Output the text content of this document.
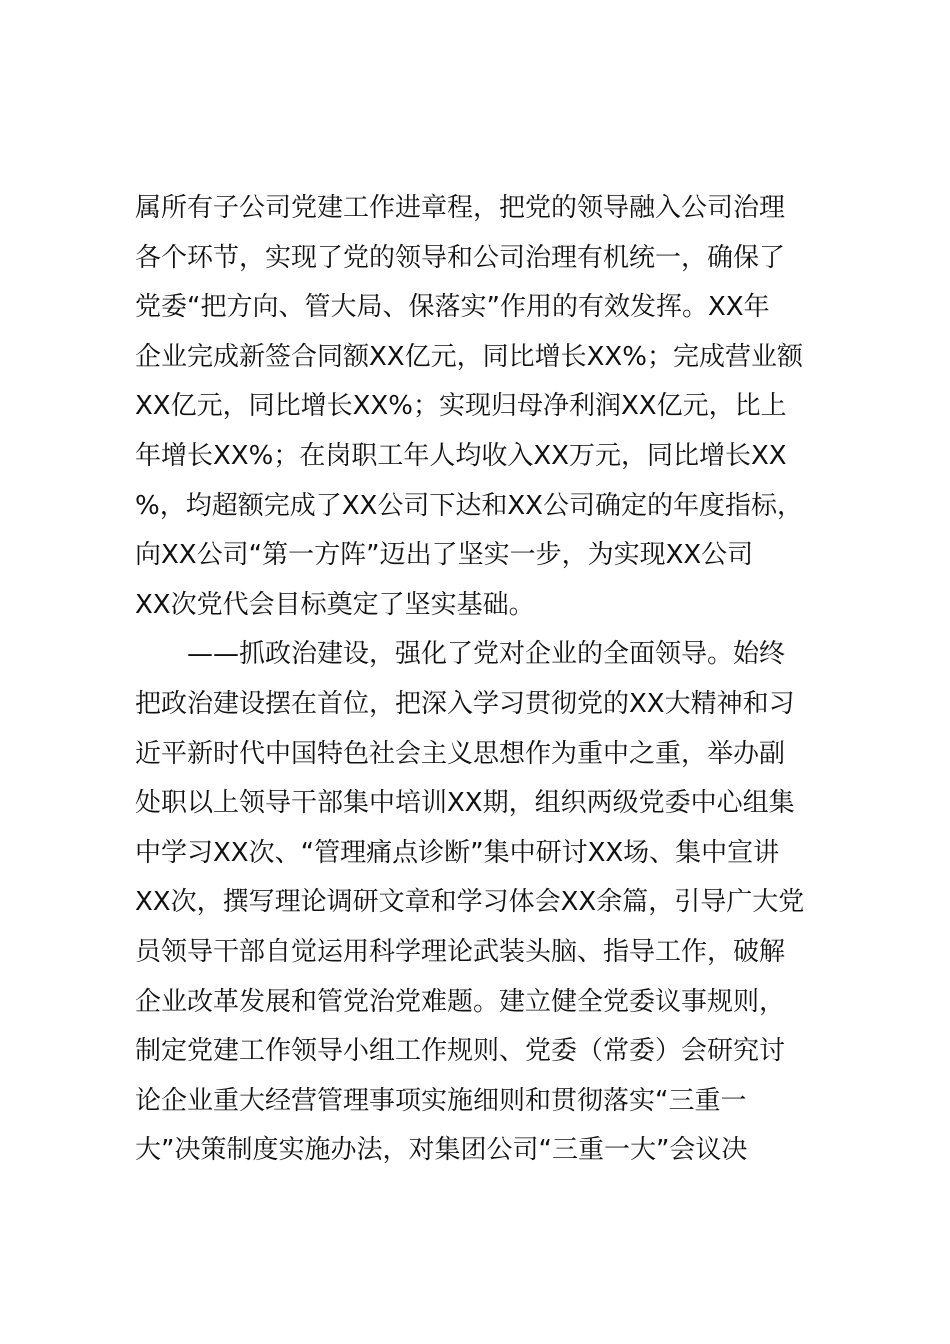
属所有子公司党建工作进章程，把党的领导融入公司治理
各个环节，实现了党的领导和公司治理有机统一，确保了
党委“把方向、管大局、保落实”作用的有效发挥。XX年
企业完成新签合同额XX亿元，同比增长XX%；完成营业额
XX亿元，同比增长XX%；实现归母净利润XX亿元，比上
年增长XX%；在岗职工年人均收入XX万元，同比增长XX
%，均超额完成了XX公司下达和XX公司确定的年度指标，
向XX公司“第一方阵”迈出了坚实一步，为实现XX公司
XX次党代会目标奠定了坚实基础。
——抓政治建设，强化了党对企业的全面领导。始终
把政治建设摆在首位，把深入学习贯彻党的XX大精神和习
近平新时代中国特色社会主义思想作为重中之重，举办副
处职以上领导干部集中培训XX期，组织两级党委中心组集
中学习XX次、“管理痛点诊断”集中研讨XX场、集中宣讲
XX次，撰写理论调研文章和学习体会XX余篇，引导广大党
员领导干部自觉运用科学理论武装头脑、指导工作，破解
企业改革发展和管党治党难题。建立健全党委议事规则，
制定党建工作领导小组工作规则、党委（常委）会研究讨
论企业重大经营管理事项实施细则和贯彻落实“三重一
大”决策制度实施办法，对集团公司“三重一大”会议决
